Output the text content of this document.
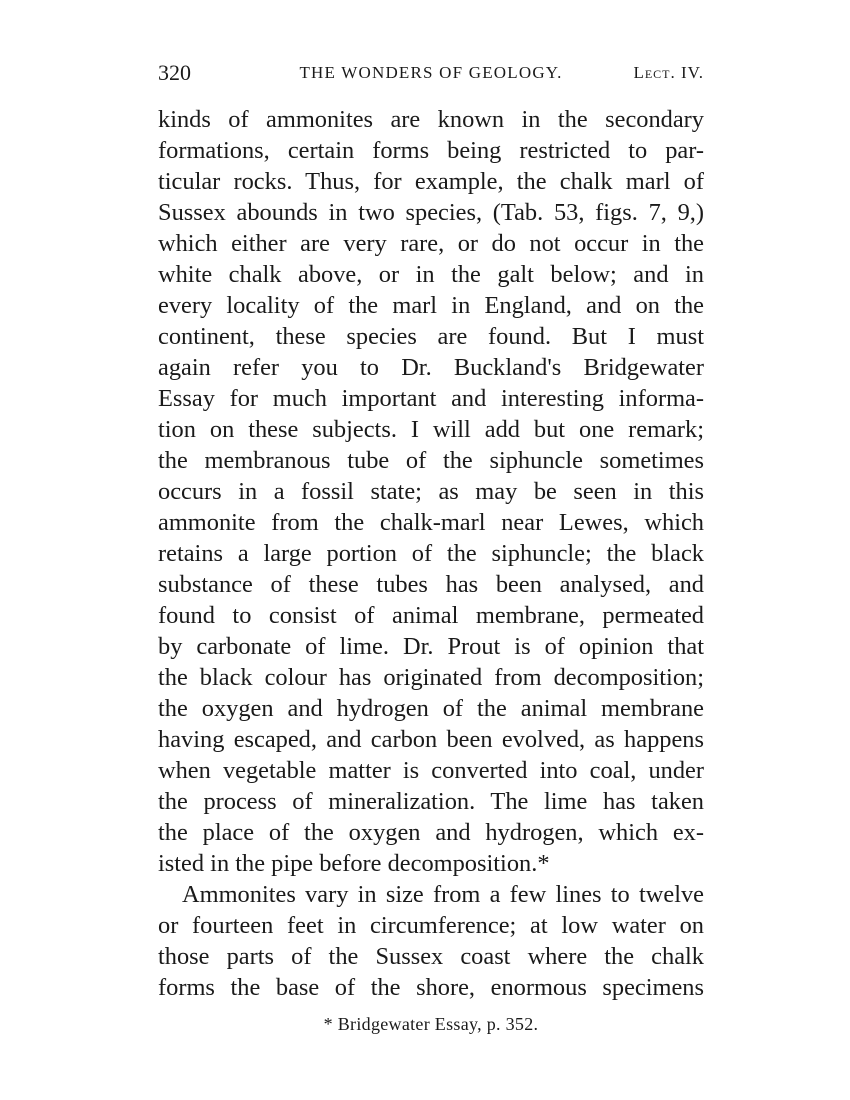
320	THE WONDERS OF GEOLOGY.	Lect. IV.
kinds of ammonites are known in the secondary
formations, certain forms being restricted to par-
ticular rocks. Thus, for example, the chalk marl of
Sussex abounds in two species, (Tab. 53, figs. 7, 9,)
which either are very rare, or do not occur in the
white chalk above, or in the galt below; and in
every locality of the marl in England, and on the
continent, these species are found. But I must
again refer you to Dr. Buckland's Bridgewater
Essay for much important and interesting informa-
tion on these subjects. I will add but one remark;
the membranous tube of the siphuncle sometimes
occurs in a fossil state; as may be seen in this
ammonite from the chalk-marl near Lewes, which
retains a large portion of the siphuncle; the black
substance of these tubes has been analysed, and
found to consist of animal membrane, permeated
by carbonate of lime. Dr. Prout is of opinion that
the black colour has originated from decomposition;
the oxygen and hydrogen of the animal membrane
having escaped, and carbon been evolved, as happens
when vegetable matter is converted into coal, under
the process of mineralization. The lime has taken
the place of the oxygen and hydrogen, which ex-
isted in the pipe before decomposition.*
Ammonites vary in size from a few lines to twelve
or fourteen feet in circumference; at low water on
those parts of the Sussex coast where the chalk
forms the base of the shore, enormous specimens
* Bridgewater Essay, p. 352.
